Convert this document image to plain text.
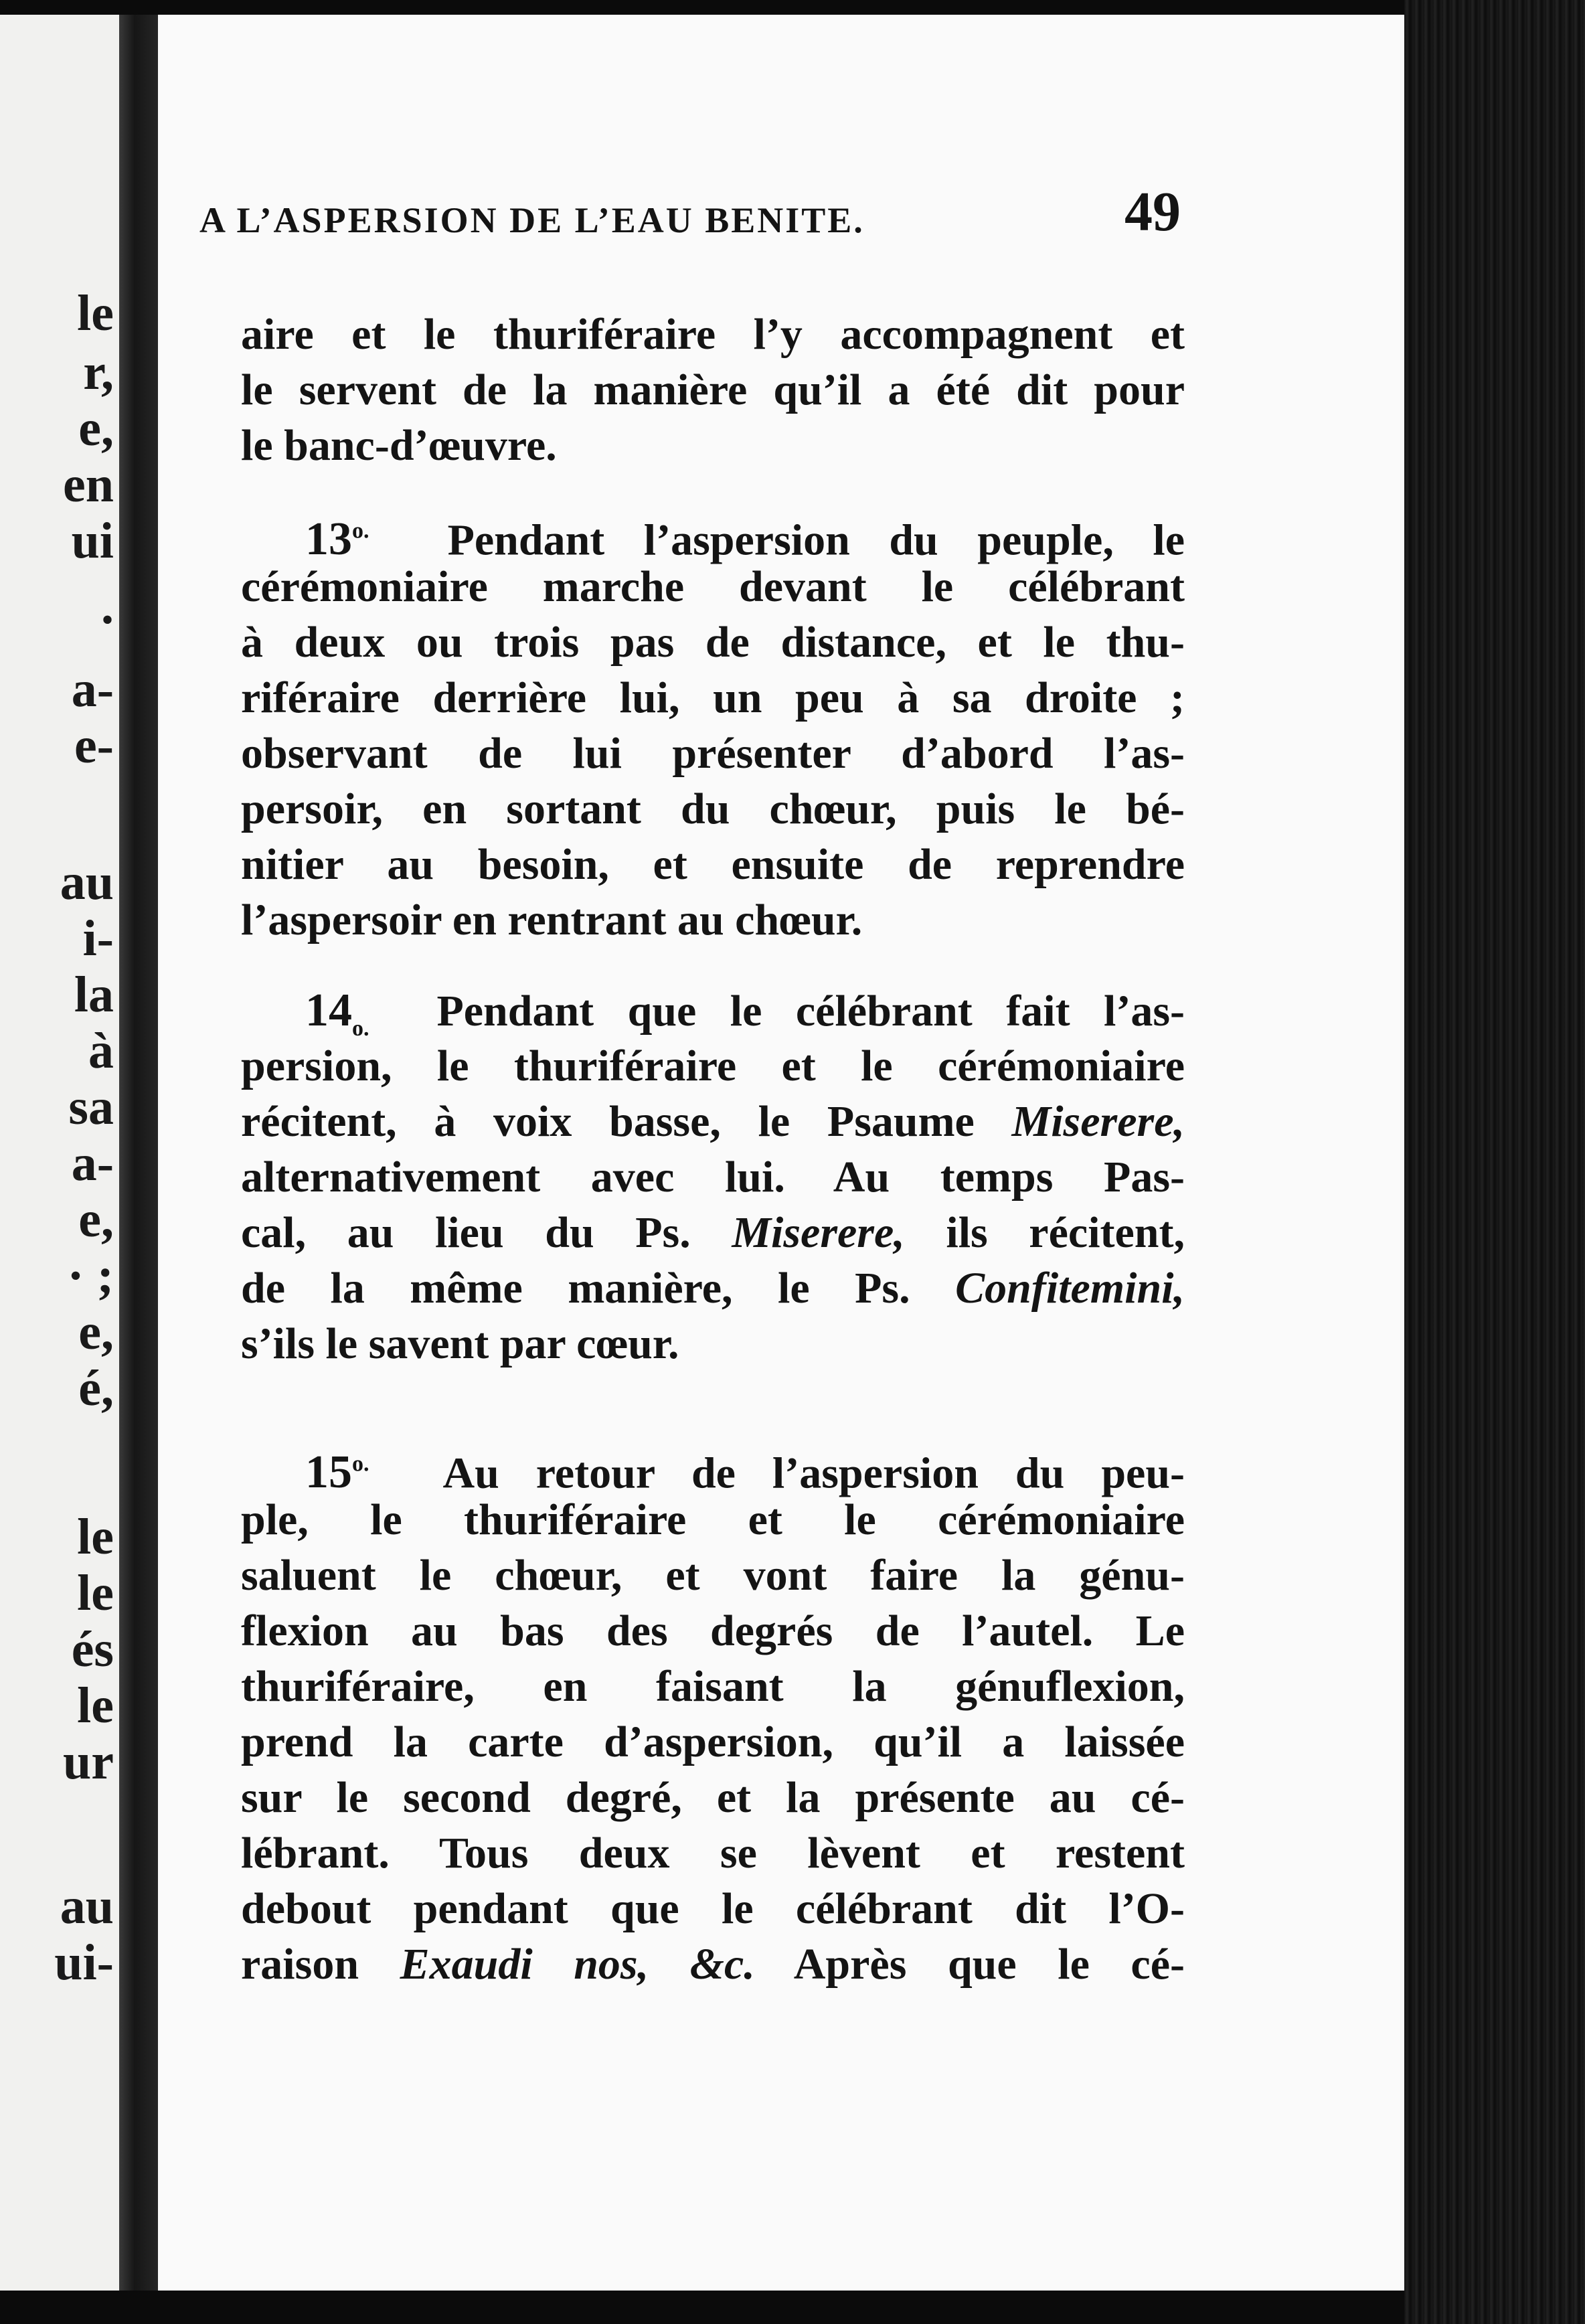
le
r,
e,
en
ui
.
a-
e-
au
i-
la
à
sa
a-
e,
· ;
e,
é,
le
le
és
le
ur
au
ui-
A L’ASPERSION DE L’EAU BENITE.	49
aire et le thuriféraire l’y accompagnent et
le servent de la manière qu’il a été dit pour
le banc-d’œuvre.
$13^{o.}$ Pendant l’aspersion du peuple, le
cérémoniaire marche devant le célébrant
à deux ou trois pas de distance, et le thu-
riféraire derrière lui, un peu à sa droite ;
observant de lui présenter d’abord l’as-
persoir, en sortant du chœur, puis le bé-
nitier au besoin, et ensuite de reprendre
l’aspersoir en rentrant au chœur.
$14_{o.}$ Pendant que le célébrant fait l’as-
persion, le thuriféraire et le cérémoniaire
récitent, à voix basse, le Psaume Miserere,
alternativement avec lui. Au temps Pas-
cal, au lieu du Ps. Miserere, ils récitent,
de la même manière, le Ps. Confitemini,
s’ils le savent par cœur.
$15^{o.}$ Au retour de l’aspersion du peu-
ple, le thuriféraire et le cérémoniaire
saluent le chœur, et vont faire la génu-
flexion au bas des degrés de l’autel. Le
thuriféraire, en faisant la génuflexion,
prend la carte d’aspersion, qu’il a laissée
sur le second degré, et la présente au cé-
lébrant. Tous deux se lèvent et restent
debout pendant que le célébrant dit l’O-
raison Exaudi nos, &c. Après que le cé-
